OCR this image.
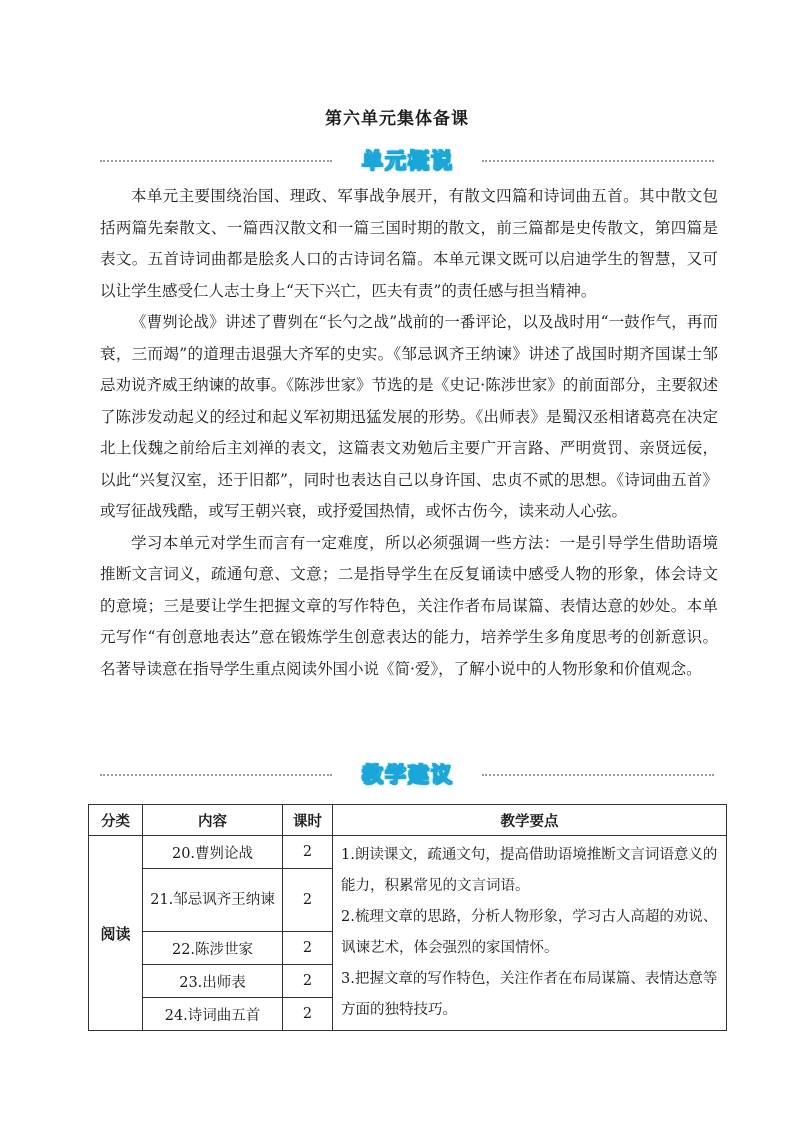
第六单元集体备课
单元概说

本单元主要围绕治国、理政、军事战争展开，有散文四篇和诗词曲五首。其中散文包括两篇先秦散文、一篇西汉散文和一篇三国时期的散文，前三篇都是史传散文，第四篇是表文。五首诗词曲都是脍炙人口的古诗词名篇。本单元课文既可以启迪学生的智慧，又可以让学生感受仁人志士身上“天下兴亡，匹夫有责”的责任感与担当精神。

《曹刿论战》讲述了曹刿在“长勺之战”战前的一番评论，以及战时用“一鼓作气，再而衰，三而竭”的道理击退强大齐军的史实。《邹忌讽齐王纳谏》讲述了战国时期齐国谋士邹忌劝说齐威王纳谏的故事。《陈涉世家》节选的是《史记·陈涉世家》的前面部分，主要叙述了陈涉发动起义的经过和起义军初期迅猛发展的形势。《出师表》是蜀汉丞相诸葛亮在决定北上伐魏之前给后主刘禅的表文，这篇表文劝勉后主要广开言路、严明赏罚、亲贤远佞，以此“兴复汉室，还于旧都”，同时也表达自己以身许国、忠贞不贰的思想。《诗词曲五首》或写征战残酷，或写王朝兴衰，或抒爱国热情，或怀古伤今，读来动人心弦。

学习本单元对学生而言有一定难度，所以必须强调一些方法：一是引导学生借助语境推断文言词义，疏通句意、文意；二是指导学生在反复诵读中感受人物的形象，体会诗文的意境；三是要让学生把握文章的写作特色，关注作者布局谋篇、表情达意的妙处。本单元写作“有创意地表达”意在锻炼学生创意表达的能力，培养学生多角度思考的创新意识。名著导读意在指导学生重点阅读外国小说《简·爱》，了解小说中的人物形象和价值观念。

教学建议
分类	内容	课时	教学要点
阅读	20.曹刿论战	2	1.朗读课文，疏通文句，提高借助语境推断文言词语意义的能力，积累常见的文言词语。
2.梳理文章的思路，分析人物形象，学习古人高超的劝说、讽谏艺术，体会强烈的家国情怀。
3.把握文章的写作特色，关注作者在布局谋篇、表情达意等方面的独特技巧。

	21.邹忌讽齐王纳谏	2	
	22.陈涉世家	2	
	23.出师表	2	
	24.诗词曲五首	2	
